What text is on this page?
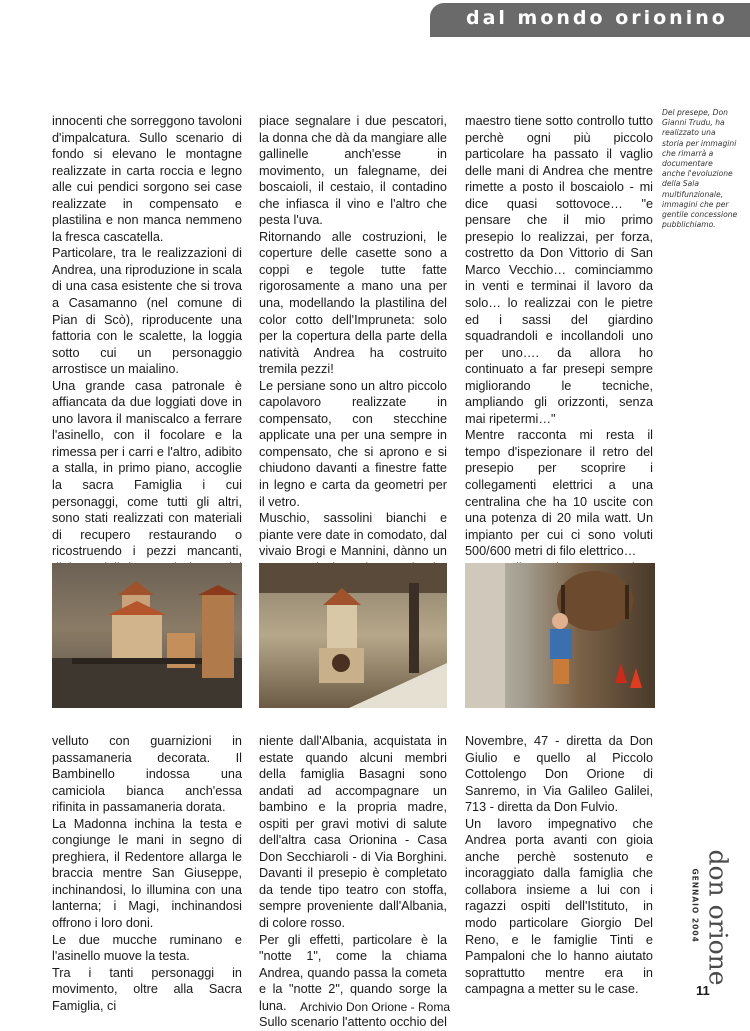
dal mondo orionino

innocenti che sorreggono tavoloni d'impalcatura. Sullo scenario di fondo si elevano le montagne realizzate in carta roccia e legno alle cui pendici sorgono sei case realizzate in compensato e plastilina e non manca nemmeno la fresca cascatella.

Particolare, tra le realizzazioni di Andrea, una riproduzione in scala di una casa esistente che si trova a Casamanno (nel comune di Pian di Scò), riproducente una fattoria con le scalette, la loggia sotto cui un personaggio arrostisce un maialino.

Una grande casa patronale è affiancata da due loggiati dove in uno lavora il maniscalco a ferrare l'asinello, con il focolare e la rimessa per i carri e l'altro, adibito a stalla, in primo piano, accoglie la sacra Famiglia i cui personaggi, come tutti gli altri, sono stati realizzati con materiali di recupero restaurando o ricostruendo i pezzi mancanti,

piace segnalare i due pescatori, la donna che dà da mangiare alle gallinelle anch'esse in movimento, un falegname, dei boscaioli, il cestaio, il contadino che infiasca il vino e l'altro che pesta l'uva.

Ritornando alle costruzioni, le coperture delle casette sono a coppi e tegole tutte fatte rigorosamente a mano una per una, modellando la plastilina del color cotto dell'Impruneta: solo per la copertura della parte della natività Andrea ha costruito tremila pezzi!

Le persiane sono un altro piccolo capolavoro realizzate in compensato, con stecchine applicate una per una sempre in compensato, che si aprono e si chiudono davanti a finestre fatte in legno e carta da geometri per il vetro.

Muschio, sassolini bianchi e piante vere date in comodato, dal vivaio Brogi e Mannini, dànno un

maestro tiene sotto controllo tutto perchè ogni più piccolo particolare ha passato il vaglio delle mani di Andrea che mentre rimette a posto il boscaiolo - mi dice quasi sottovoce… "e pensare che il mio primo presepio lo realizzai, per forza, costretto da Don Vittorio di San Marco Vecchio… cominciammo in venti e terminai il lavoro da solo… lo realizzai con le pietre ed i sassi del giardino squadrandoli e incollandoli uno per uno…. da allora ho continuato a far presepi sempre migliorando le tecniche, ampliando gli orizzonti, senza mai ripetermi…"

Mentre racconta mi resta il tempo d'ispezionare il retro del presepio per scoprire i collegamenti elettrici a una centralina che ha 10 uscite con una potenza di 20 mila watt. Un impianto per cui ci sono voluti 500/600 metri di filo elettrico…

Del presepe, Don Gianni Trudu, ha realizzato una storia per immagini che rimarrà a documentare anche l'evoluzione della Sala multifunzionale, immagini che per gentile concessione pubblichiamo.

velluto con guarnizioni in passamaneria decorata. Il Bambinello indossa una camiciola bianca anch'essa rifinita in passamaneria dorata.

La Madonna inchina la testa e congiunge le mani in segno di preghiera, il Redentore allarga le braccia mentre San Giuseppe, inchinandosi, lo illumina con una lanterna; i Magi, inchinandosi offrono i loro doni.

Le due mucche ruminano e l'asinello muove la testa.

Tra i tanti personaggi in movimento, oltre alla Sacra Famiglia, ci

niente dall'Albania, acquistata in estate quando alcuni membri della famiglia Basagni sono andati ad accompagnare un bambino e la propria madre, ospiti per gravi motivi di salute dell'altra casa Orionina - Casa Don Secchiaroli - di Via Borghini. Davanti il presepio è completato da tende tipo teatro con stoffa, sempre proveniente dall'Albania, di colore rosso.

Per gli effetti, particolare è la "notte 1", come la chiama Andrea, quando passa la cometa e la "notte 2", quando sorge la luna.

Sullo scenario l'attento occhio del

Novembre, 47 - diretta da Don Giulio e quello al Piccolo Cottolengo Don Orione di Sanremo, in Via Galileo Galilei, 713 - diretta da Don Fulvio.

Un lavoro impegnativo che Andrea porta avanti con gioia anche perchè sostenuto e incoraggiato dalla famiglia che collabora insieme a lui con i ragazzi ospiti dell'Istituto, in modo particolare Giorgio Del Reno, e le famiglie Tinti e Pampaloni che lo hanno aiutato soprattutto mentre era in campagna a metter su le case.

don orione
GENNAIO 2004
11
Archivio Don Orione - Roma
